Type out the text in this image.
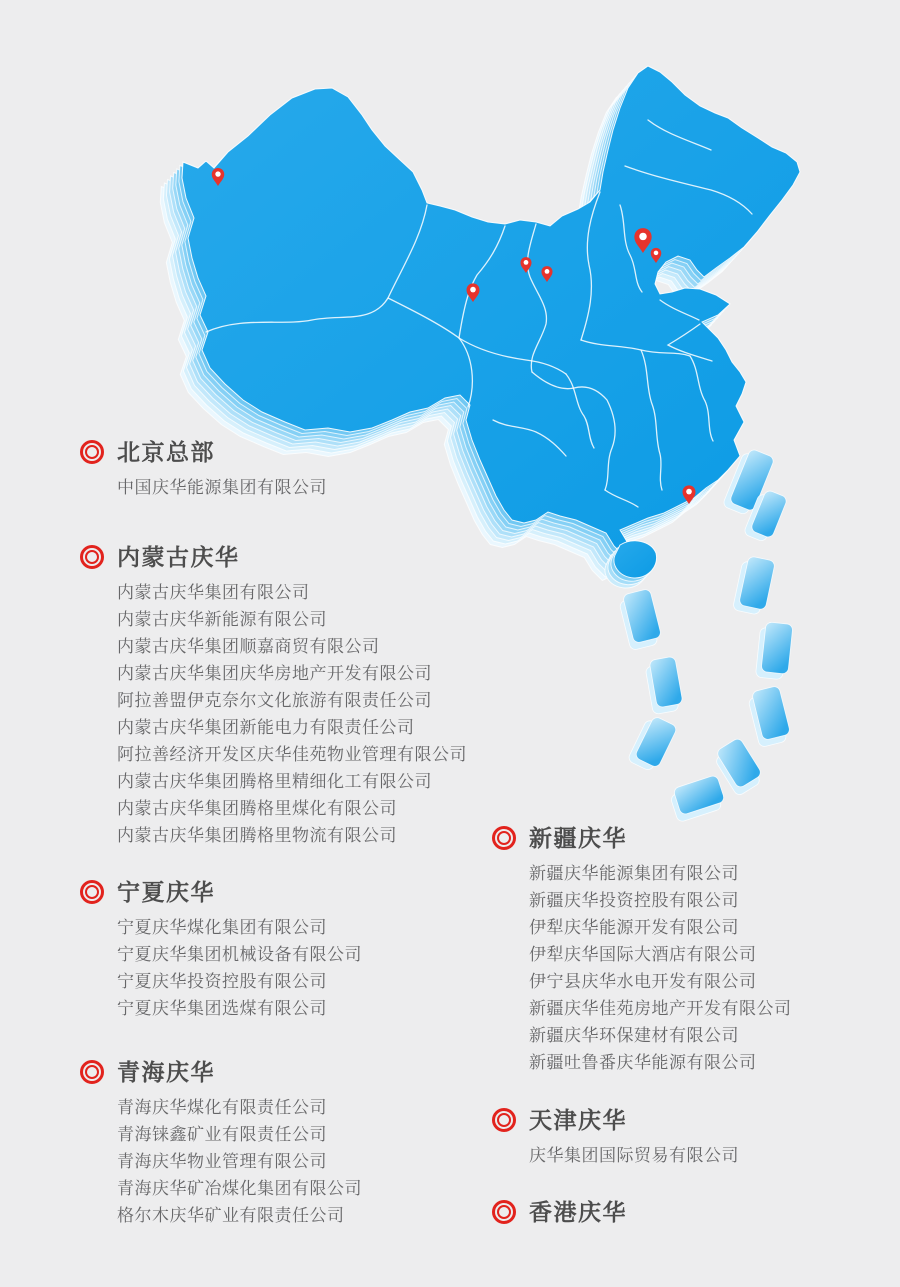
北京总部
中国庆华能源集团有限公司
内蒙古庆华
内蒙古庆华集团有限公司
内蒙古庆华新能源有限公司
内蒙古庆华集团顺嘉商贸有限公司
内蒙古庆华集团庆华房地产开发有限公司
阿拉善盟伊克奈尔文化旅游有限责任公司
内蒙古庆华集团新能电力有限责任公司
阿拉善经济开发区庆华佳苑物业管理有限公司
内蒙古庆华集团腾格里精细化工有限公司
内蒙古庆华集团腾格里煤化有限公司
内蒙古庆华集团腾格里物流有限公司
宁夏庆华
宁夏庆华煤化集团有限公司
宁夏庆华集团机械设备有限公司
宁夏庆华投资控股有限公司
宁夏庆华集团选煤有限公司
青海庆华
青海庆华煤化有限责任公司
青海铼鑫矿业有限责任公司
青海庆华物业管理有限公司
青海庆华矿冶煤化集团有限公司
格尔木庆华矿业有限责任公司
新疆庆华
新疆庆华能源集团有限公司
新疆庆华投资控股有限公司
伊犁庆华能源开发有限公司
伊犁庆华国际大酒店有限公司
伊宁县庆华水电开发有限公司
新疆庆华佳苑房地产开发有限公司
新疆庆华环保建材有限公司
新疆吐鲁番庆华能源有限公司
天津庆华
庆华集团国际贸易有限公司
香港庆华
